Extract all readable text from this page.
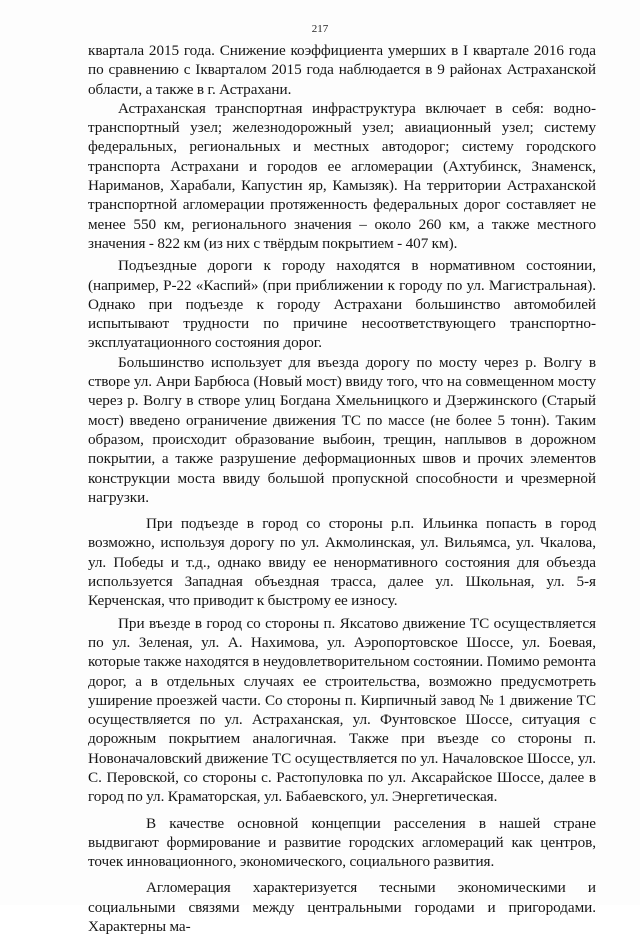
217

квартала 2015 года. Снижение коэффициента умерших в I квартале 2016 года по сравнению с Iкварталом 2015 года наблюдается в 9 районах Астраханской области, а также в г. Астрахани.

Астраханская транспортная инфраструктура включает в себя: водно-транспортный узел; железнодорожный узел; авиационный узел; систему федеральных, региональных и местных автодорог; систему городского транспорта Астрахани и городов ее агломерации (Ахтубинск, Знаменск, Нариманов, Харабали, Капустин яр, Камызяк). На территории Астраханской транспортной агломерации протяженность федеральных дорог составляет не менее 550 км, регионального значения – около 260 км, а также местного значения - 822 км (из них с твёрдым покрытием - 407 км).

Подъездные дороги к городу находятся в нормативном состоянии, (например, Р-22 «Каспий» (при приближении к городу по ул. Магистральная). Однако при подъезде к городу Астрахани большинство автомобилей испытывают трудности по причине несоответствующего транспортно-эксплуатационного состояния дорог.

Большинство использует для въезда дорогу по мосту через р. Волгу в створе ул. Анри Барбюса (Новый мост) ввиду того, что на совмещенном мосту через р. Волгу в створе улиц Богдана Хмельницкого и Дзержинского (Старый мост) введено ограничение движения ТС по массе (не более 5 тонн). Таким образом, происходит образование выбоин, трещин, наплывов в дорожном покрытии, а также разрушение деформационных швов и прочих элементов конструкции моста ввиду большой пропускной способности и чрезмерной нагрузки.

При подъезде в город со стороны р.п. Ильинка попасть в город возможно, используя дорогу по ул. Акмолинская, ул. Вильямса, ул. Чкалова, ул. Победы и т.д., однако ввиду ее ненормативного состояния для объезда используется Западная объездная трасса, далее ул. Школьная, ул. 5-я Керченская, что приводит к быстрому ее износу.

При въезде в город со стороны п. Яксатово движение ТС осуществляется по ул. Зеленая, ул. А. Нахимова, ул. Аэропортовское Шоссе, ул. Боевая, которые также находятся в неудовлетворительном состоянии. Помимо ремонта дорог, а в отдельных случаях ее строительства, возможно предусмотреть уширение проезжей части. Со стороны п. Кирпичный завод № 1 движение ТС осуществляется по ул. Астраханская, ул. Фунтовское Шоссе, ситуация с дорожным покрытием аналогичная. Также при въезде со стороны п. Новоначаловский движение ТС осуществляется по ул. Началовское Шоссе, ул. С. Перовской, со стороны с. Растопуловка по ул. Аксарайское Шоссе, далее в город по ул. Краматорская, ул. Бабаевского, ул. Энергетическая.

В качестве основной концепции расселения в нашей стране выдвигают формирование и развитие городских агломераций как центров, точек инновационного, экономического, социального развития.

Агломерация характеризуется тесными экономическими и социальными связями между центральными городами и пригородами. Характерны ма-
